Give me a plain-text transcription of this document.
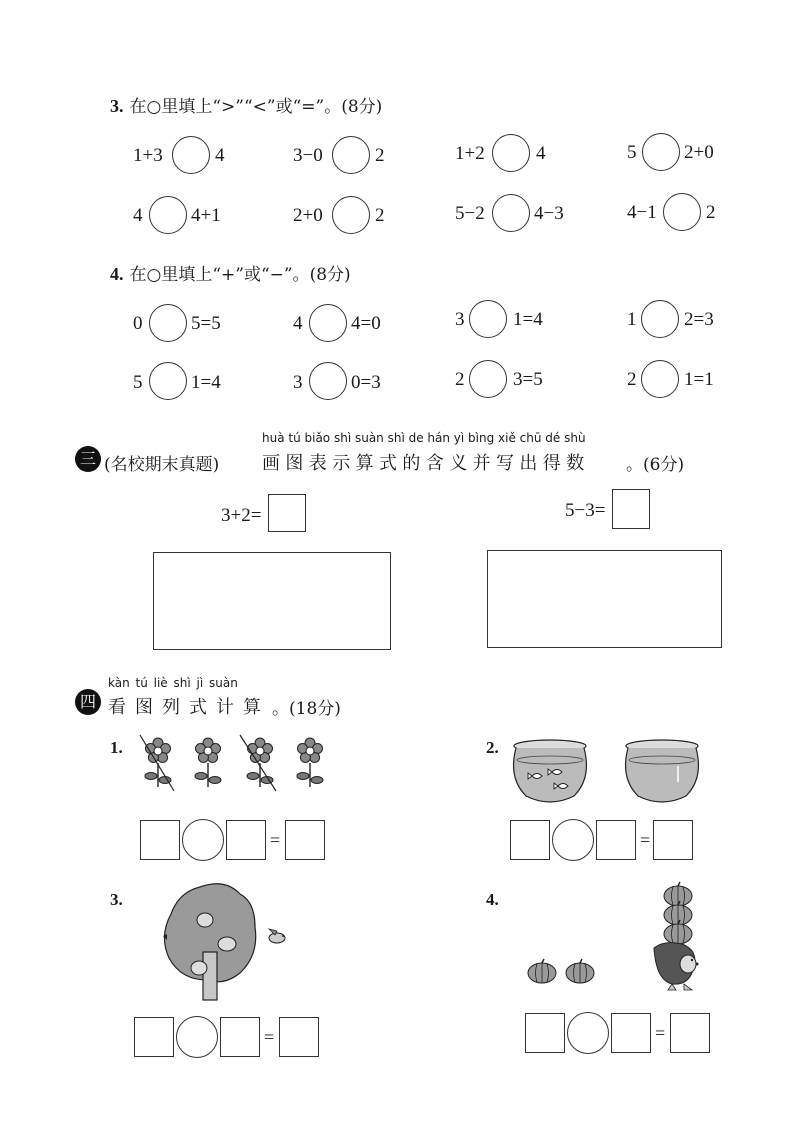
3. 在○里填上“>”“<”或“=”。(8分)
1+3	4	3−0	2	1+2	4	5	2+0
4	4+1	2+0	2	5−2	4−3	4−1	2
4. 在○里填上“+”或“−”。(8分)
0	5=5	4	4=0	3	1=4	1	2=3
5	1=4	3	0=3	2	3=5	2	1=1
三 (名校期末真题)
huà tú biǎo shì suàn shì de hán yì bìng xiě chū dé shù
画图表示算式的含义并写出得数 。(6分)
3+2=	5−3=
四
kàn tú liè shì jì suàn
看图列式计算 。(18分)
1.
=
2.
=
3.
=
4.
=
